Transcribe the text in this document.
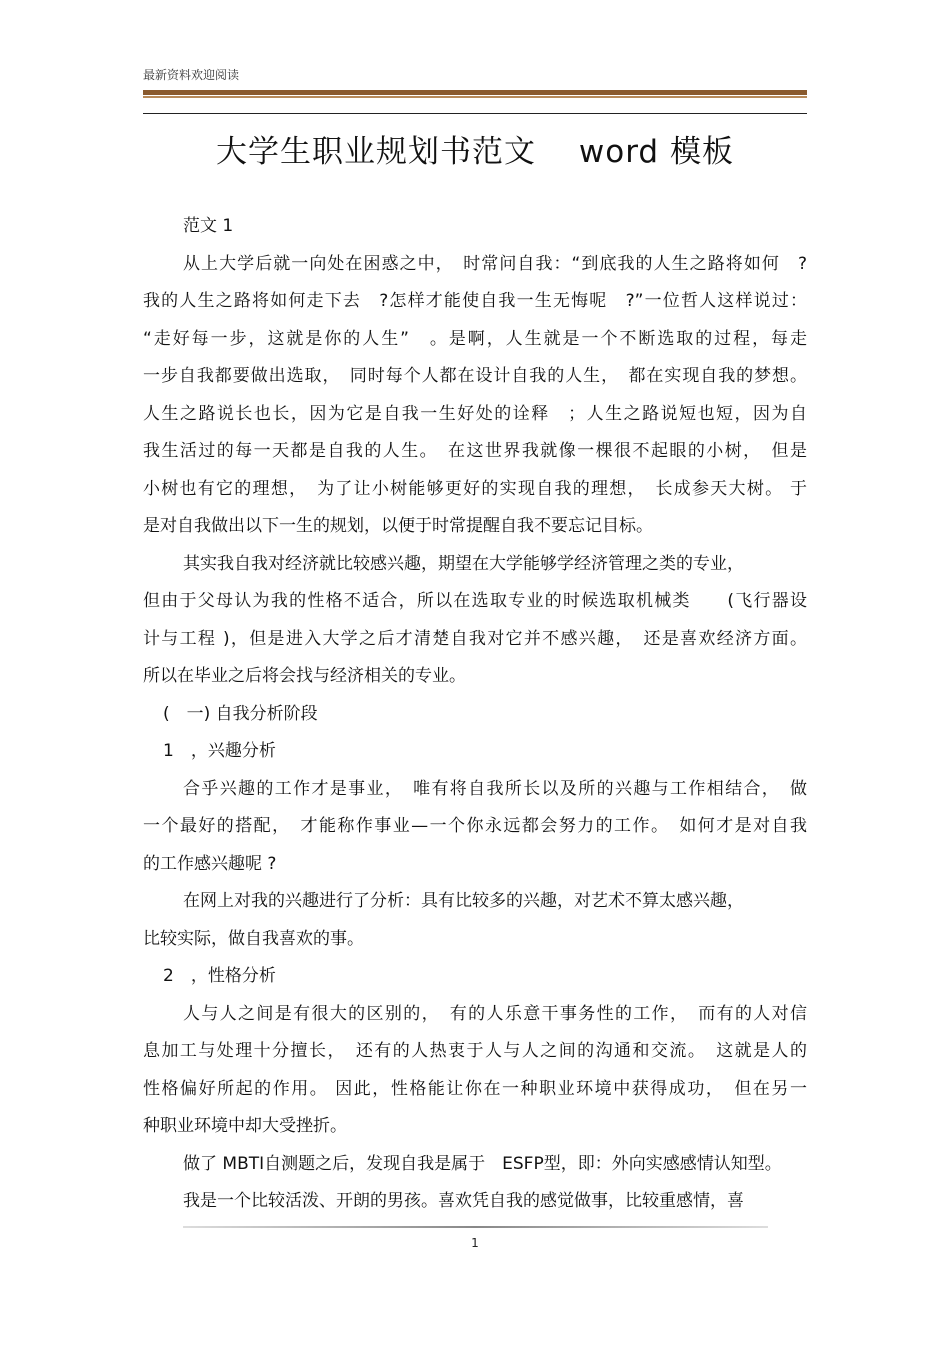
最新资料欢迎阅读
大学生职业规划书范文　 word 模板
范文 1
从上大学后就一向处在困惑之中，　时常问自我：“到底我的人生之路将如何　?
我的人生之路将如何走下去　?怎样才能使自我一生无悔呢　?”一位哲人这样说过：
“走好每一步，这就是你的人生”　。是啊，人生就是一个不断选取的过程，每走
一步自我都要做出选取，　同时每个人都在设计自我的人生，　都在实现自我的梦想。
人生之路说长也长，因为它是自我一生好处的诠释　；人生之路说短也短，因为自
我生活过的每一天都是自我的人生。　在这世界我就像一棵很不起眼的小树，　但是
小树也有它的理想，　为了让小树能够更好的实现自我的理想，　长成参天大树。 于
是对自我做出以下一生的规划，以便于时常提醒自我不要忘记目标。
其实我自我对经济就比较感兴趣，期望在大学能够学经济管理之类的专业，
但由于父母认为我的性格不适合，所以在选取专业的时候选取机械类　　(飞行器设
计与工程 )，但是进入大学之后才清楚自我对它并不感兴趣，　还是喜欢经济方面。
所以在毕业之后将会找与经济相关的专业。
(　一) 自我分析阶段
1　，兴趣分析
合乎兴趣的工作才是事业，　唯有将自我所长以及所的兴趣与工作相结合，　做
一个最好的搭配，　才能称作事业—一个你永远都会努力的工作。　如何才是对自我
的工作感兴趣呢 ?
在网上对我的兴趣进行了分析：具有比较多的兴趣，对艺术不算太感兴趣，
比较实际，做自我喜欢的事。
2　，性格分析
人与人之间是有很大的区别的，　有的人乐意干事务性的工作，　而有的人对信
息加工与处理十分擅长，　还有的人热衷于人与人之间的沟通和交流。　这就是人的
性格偏好所起的作用。 因此，性格能让你在一种职业环境中获得成功，　但在另一
种职业环境中却大受挫折。
做了 MBTI自测题之后，发现自我是属于　ESFP型，即：外向实感感情认知型。
我是一个比较活泼、开朗的男孩。喜欢凭自我的感觉做事，比较重感情，喜
1
